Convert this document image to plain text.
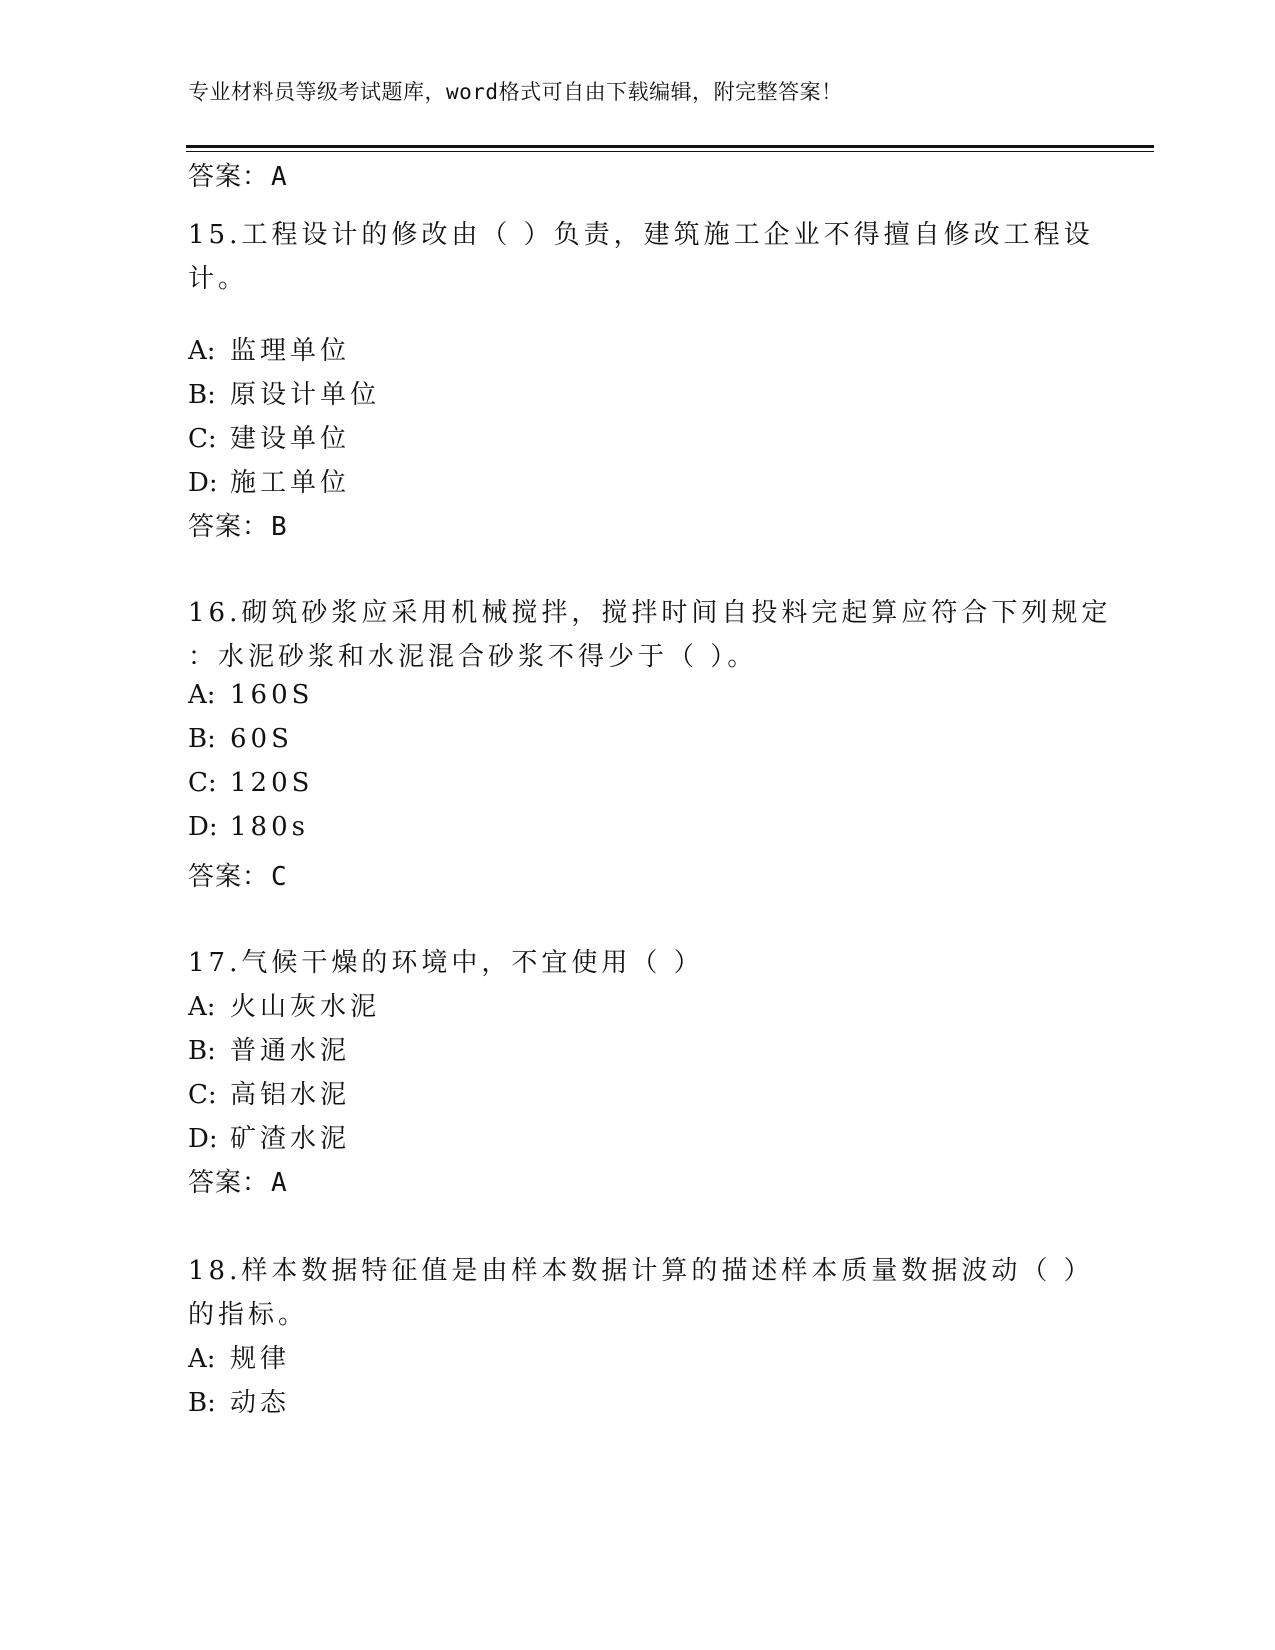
专业材料员等级考试题库，word格式可自由下载编辑，附完整答案！
答案：A
15.工程设计的修改由（ ）负责，建筑施工企业不得擅自修改工程设
计。
A: 监理单位
B: 原设计单位
C: 建设单位
D: 施工单位
答案：B
16.砌筑砂浆应采用机械搅拌，搅拌时间自投料完起算应符合下列规定
：水泥砂浆和水泥混合砂浆不得少于（ ）。
A: 160S
B: 60S
C: 120S
D: 180s
答案：C
17.气候干燥的环境中，不宜使用（ ）
A: 火山灰水泥
B: 普通水泥
C: 高铝水泥
D: 矿渣水泥
答案：A
18.样本数据特征值是由样本数据计算的描述样本质量数据波动（ ）
的指标。
A: 规律
B: 动态
